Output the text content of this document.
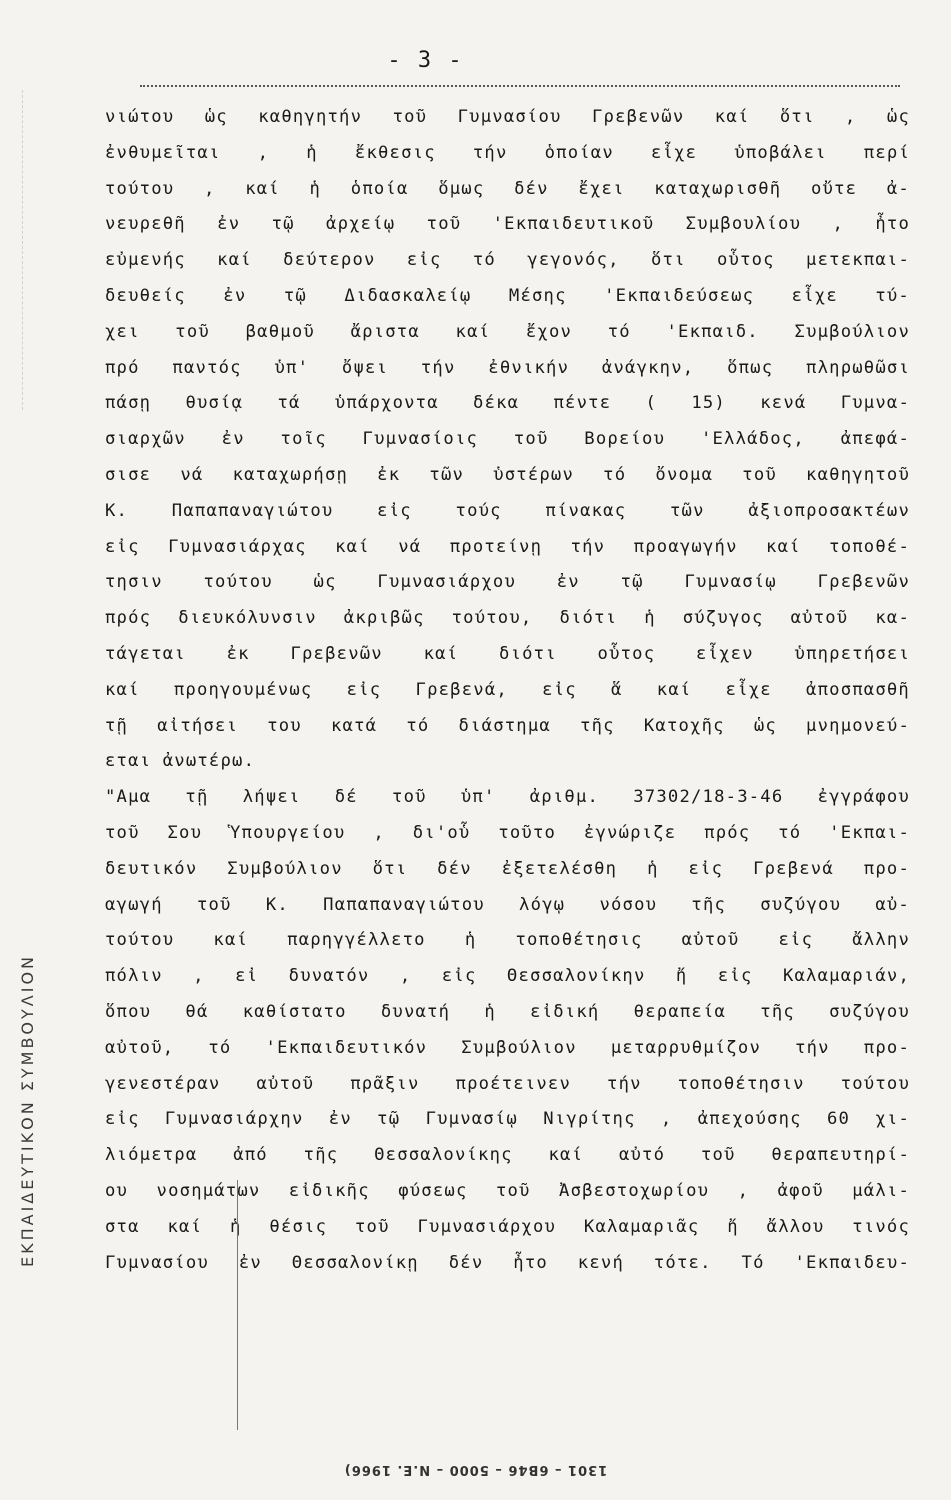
- 3 -
νιώτου ὡς καθηγητήν τοῦ Γυμνασίου Γρεβενῶν καί ὅτι , ὡς
ἐνθυμεῖται , ἡ ἔκθεσις τήν ὁποίαν εἶχε ὑποβάλει περί
τούτου , καί ἡ ὁποία ὅμως δέν ἔχει καταχωρισθῆ οὔτε ἀ-
νευρεθῆ ἐν τῷ ἀρχείῳ τοῦ 'Εκπαιδευτικοῦ Συμβουλίου , ἦτο
εὐμενής καί δεύτερον εἰς τό γεγονός, ὅτι οὗτος μετεκπαι-
δευθείς ἐν τῷ Διδασκαλείῳ Μέσης 'Εκπαιδεύσεως εἶχε τύ-
χει τοῦ βαθμοῦ ἄριστα καί ἔχον τό 'Εκπαιδ. Συμβούλιον
πρό παντός ὑπ' ὄψει τήν ἐθνικήν ἀνάγκην, ὅπως πληρωθῶσι
πάσῃ θυσίᾳ τά ὑπάρχοντα δέκα πέντε ( 15) κενά Γυμνα-
σιαρχῶν ἐν τοῖς Γυμνασίοις τοῦ Βορείου 'Ελλάδος, ἀπεφά-
σισε νά καταχωρήσῃ ἐκ τῶν ὑστέρων τό ὄνομα τοῦ καθηγητοῦ
Κ. Παπαπαναγιώτου εἰς τούς πίνακας τῶν ἀξιοπροσακτέων
εἰς Γυμνασιάρχας καί νά προτείνῃ τήν προαγωγήν καί τοποθέ-
τησιν τούτου ὡς Γυμνασιάρχου ἐν τῷ Γυμνασίῳ Γρεβενῶν
πρός διευκόλυνσιν ἀκριβῶς τούτου, διότι ἡ σύζυγος αὐτοῦ κα-
τάγεται ἐκ Γρεβενῶν καί διότι οὗτος εἶχεν ὑπηρετήσει
καί προηγουμένως εἰς Γρεβενά, εἰς ἅ καί εἶχε ἀποσπασθῆ
τῇ αἰτήσει του κατά τό διάστημα τῆς Κατοχῆς ὡς μνημονεύ-
εται ἀνωτέρω.
"Αμα τῇ λήψει δέ τοῦ ὑπ' ἀριθμ. 37302/18-3-46 ἐγγράφου
τοῦ Σου Ὑπουργείου , δι'οὗ τοῦτο ἐγνώριζε πρός τό 'Εκπαι-
δευτικόν Συμβούλιον ὅτι δέν ἐξετελέσθη ἡ εἰς Γρεβενά προ-
αγωγή τοῦ Κ. Παπαπαναγιώτου λόγῳ νόσου τῆς συζύγου αὐ-
τούτου καί παρηγγέλλετο ἡ τοποθέτησις αὐτοῦ εἰς ἄλλην
πόλιν , εἰ δυνατόν , εἰς Θεσσαλονίκην ἤ εἰς Καλαμαριάν,
ὅπου θά καθίστατο δυνατή ἡ εἰδική θεραπεία τῆς συζύγου
αὐτοῦ, τό 'Εκπαιδευτικόν Συμβούλιον μεταρρυθμίζον τήν προ-
γενεστέραν αὐτοῦ πρᾶξιν προέτεινεν τήν τοποθέτησιν τούτου
εἰς Γυμνασιάρχην ἐν τῷ Γυμνασίῳ Νιγρίτης , ἀπεχούσης 60 χι-
λιόμετρα ἀπό τῆς Θεσσαλονίκης καί αὐτό τοῦ θεραπευτηρί-
ου νοσημάτων εἰδικῆς φύσεως τοῦ Ἀσβεστοχωρίου , ἀφοῦ μάλι-
στα καί ἡ θέσις τοῦ Γυμνασιάρχου Καλαμαριᾶς ἤ ἄλλου τινός
Γυμνασίου ἐν Θεσσαλονίκῃ δέν ἦτο κενή τότε. Τό 'Εκπαιδευ-
ΕΚΠΑΙΔΕΥΤΙΚΟΝ ΣΥΜΒΟΥΛΙΟΝ
1301 – 6Β46 – 5000 – Ν.Ε. 1966)
